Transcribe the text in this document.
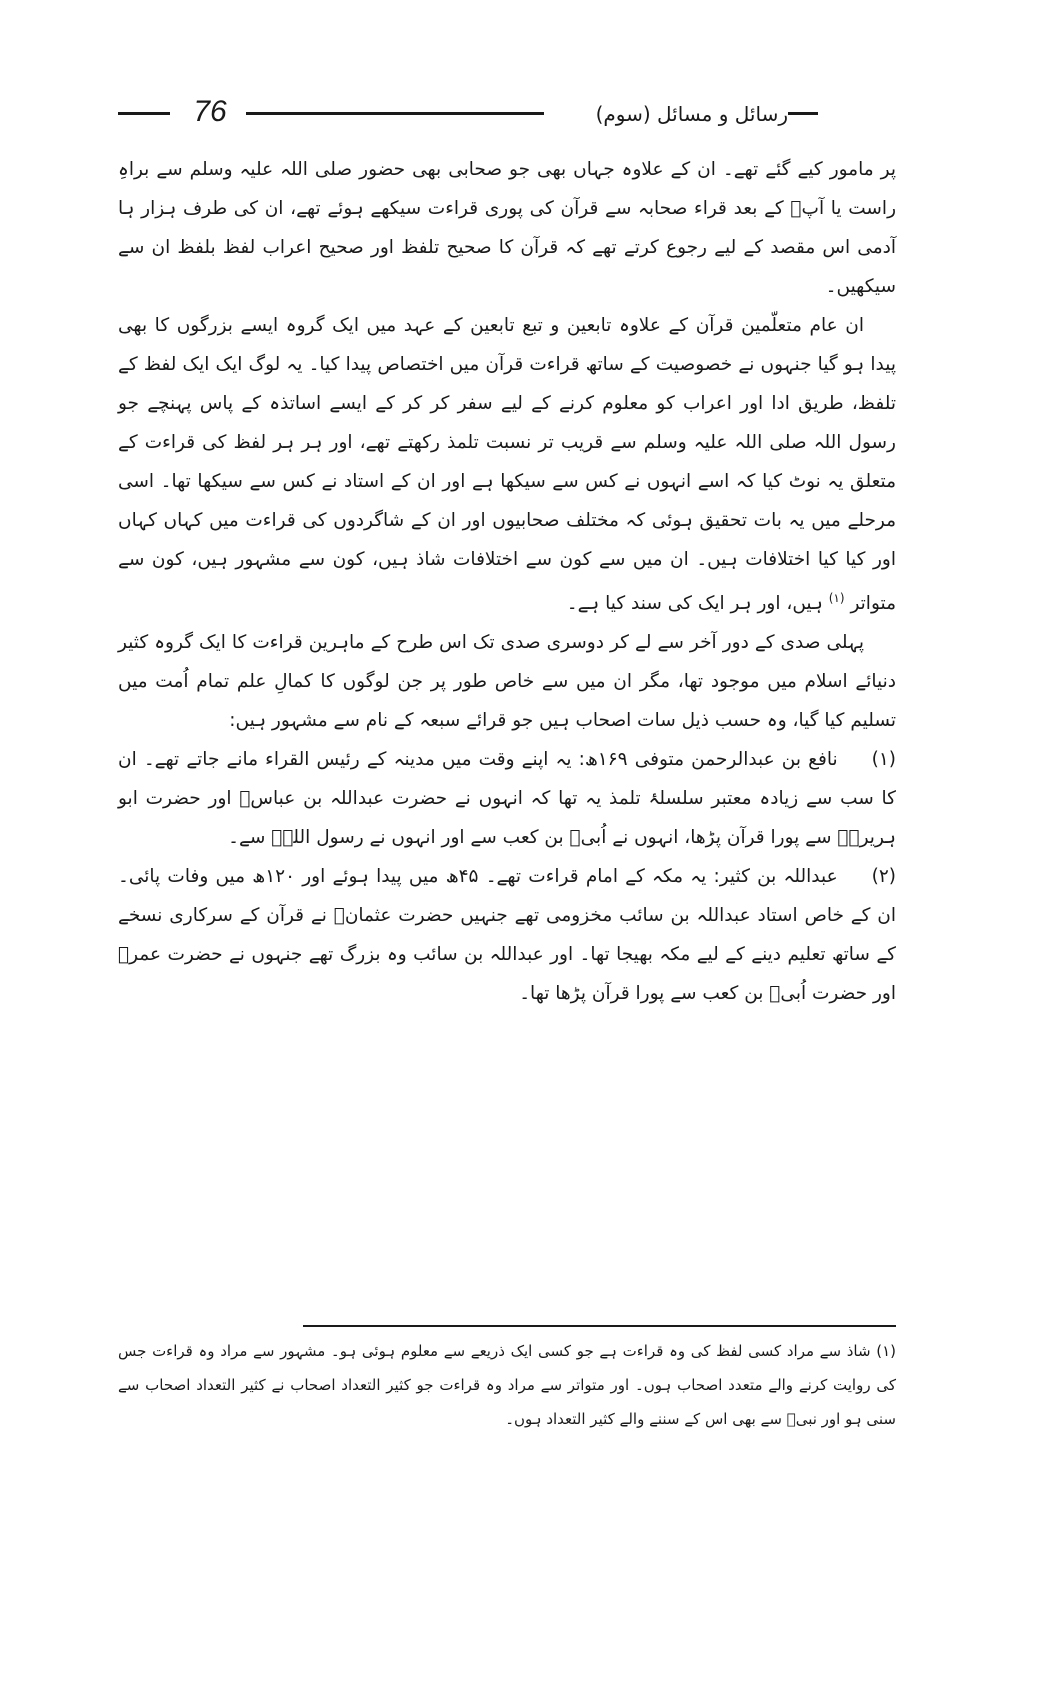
76	رسائل و مسائل (سوم)

پر مامور کیے گئے تھے۔ ان کے علاوہ جہاں بھی جو صحابی بھی حضور صلی اللہ علیہ وسلم سے براہِ راست یا آپؐ کے بعد قراء صحابہ سے قرآن کی پوری قراءت سیکھے ہوئے تھے، ان کی طرف ہزار ہا آدمی اس مقصد کے لیے رجوع کرتے تھے کہ قرآن کا صحیح تلفظ اور صحیح اعراب لفظ بلفظ ان سے سیکھیں۔

ان عام متعلّمین قرآن کے علاوہ تابعین و تبع تابعین کے عہد میں ایک گروہ ایسے بزرگوں کا بھی پیدا ہو گیا جنہوں نے خصوصیت کے ساتھ قراءت قرآن میں اختصاص پیدا کیا۔ یہ لوگ ایک ایک لفظ کے تلفظ، طریق ادا اور اعراب کو معلوم کرنے کے لیے سفر کر کر کے ایسے اساتذہ کے پاس پہنچے جو رسول اللہ صلی اللہ علیہ وسلم سے قریب تر نسبت تلمذ رکھتے تھے، اور ہر ہر لفظ کی قراءت کے متعلق یہ نوٹ کیا کہ اسے انہوں نے کس سے سیکھا ہے اور ان کے استاد نے کس سے سیکھا تھا۔ اسی مرحلے میں یہ بات تحقیق ہوئی کہ مختلف صحابیوں اور ان کے شاگردوں کی قراءت میں کہاں کہاں اور کیا کیا اختلافات ہیں۔ ان میں سے کون سے اختلافات شاذ ہیں، کون سے مشہور ہیں، کون سے متواتر $^{(۱)}$ ہیں، اور ہر ایک کی سند کیا ہے۔

پہلی صدی کے دور آخر سے لے کر دوسری صدی تک اس طرح کے ماہرین قراءت کا ایک گروہ کثیر دنیائے اسلام میں موجود تھا، مگر ان میں سے خاص طور پر جن لوگوں کا کمالِ علم تمام اُمت میں تسلیم کیا گیا، وہ حسب ذیل سات اصحاب ہیں جو قرائے سبعہ کے نام سے مشہور ہیں:

(۱)نافع بن عبدالرحمن متوفی ۱۶۹ھ: یہ اپنے وقت میں مدینہ کے رئیس القراء مانے جاتے تھے۔ ان کا سب سے زیادہ معتبر سلسلۂ تلمذ یہ تھا کہ انہوں نے حضرت عبداللہ بن عباسؓ اور حضرت ابو ہریرہؓ سے پورا قرآن پڑھا، انہوں نے اُبیؓ بن کعب سے اور انہوں نے رسول اللہؐ سے۔

(۲)عبداللہ بن کثیر: یہ مکہ کے امام قراءت تھے۔ ۴۵ھ میں پیدا ہوئے اور ۱۲۰ھ میں وفات پائی۔ ان کے خاص استاد عبداللہ بن سائب مخزومی تھے جنہیں حضرت عثمانؓ نے قرآن کے سرکاری نسخے کے ساتھ تعلیم دینے کے لیے مکہ بھیجا تھا۔ اور عبداللہ بن سائب وہ بزرگ تھے جنہوں نے حضرت عمرؓ اور حضرت اُبیؓ بن کعب سے پورا قرآن پڑھا تھا۔

(۱) شاذ سے مراد کسی لفظ کی وہ قراءت ہے جو کسی ایک ذریعے سے معلوم ہوئی ہو۔ مشہور سے مراد وہ قراءت جس کی روایت کرنے والے متعدد اصحاب ہوں۔ اور متواتر سے مراد وہ قراءت جو کثیر التعداد اصحاب نے کثیر التعداد اصحاب سے سنی ہو اور نبیؐ سے بھی اس کے سننے والے کثیر التعداد ہوں۔
